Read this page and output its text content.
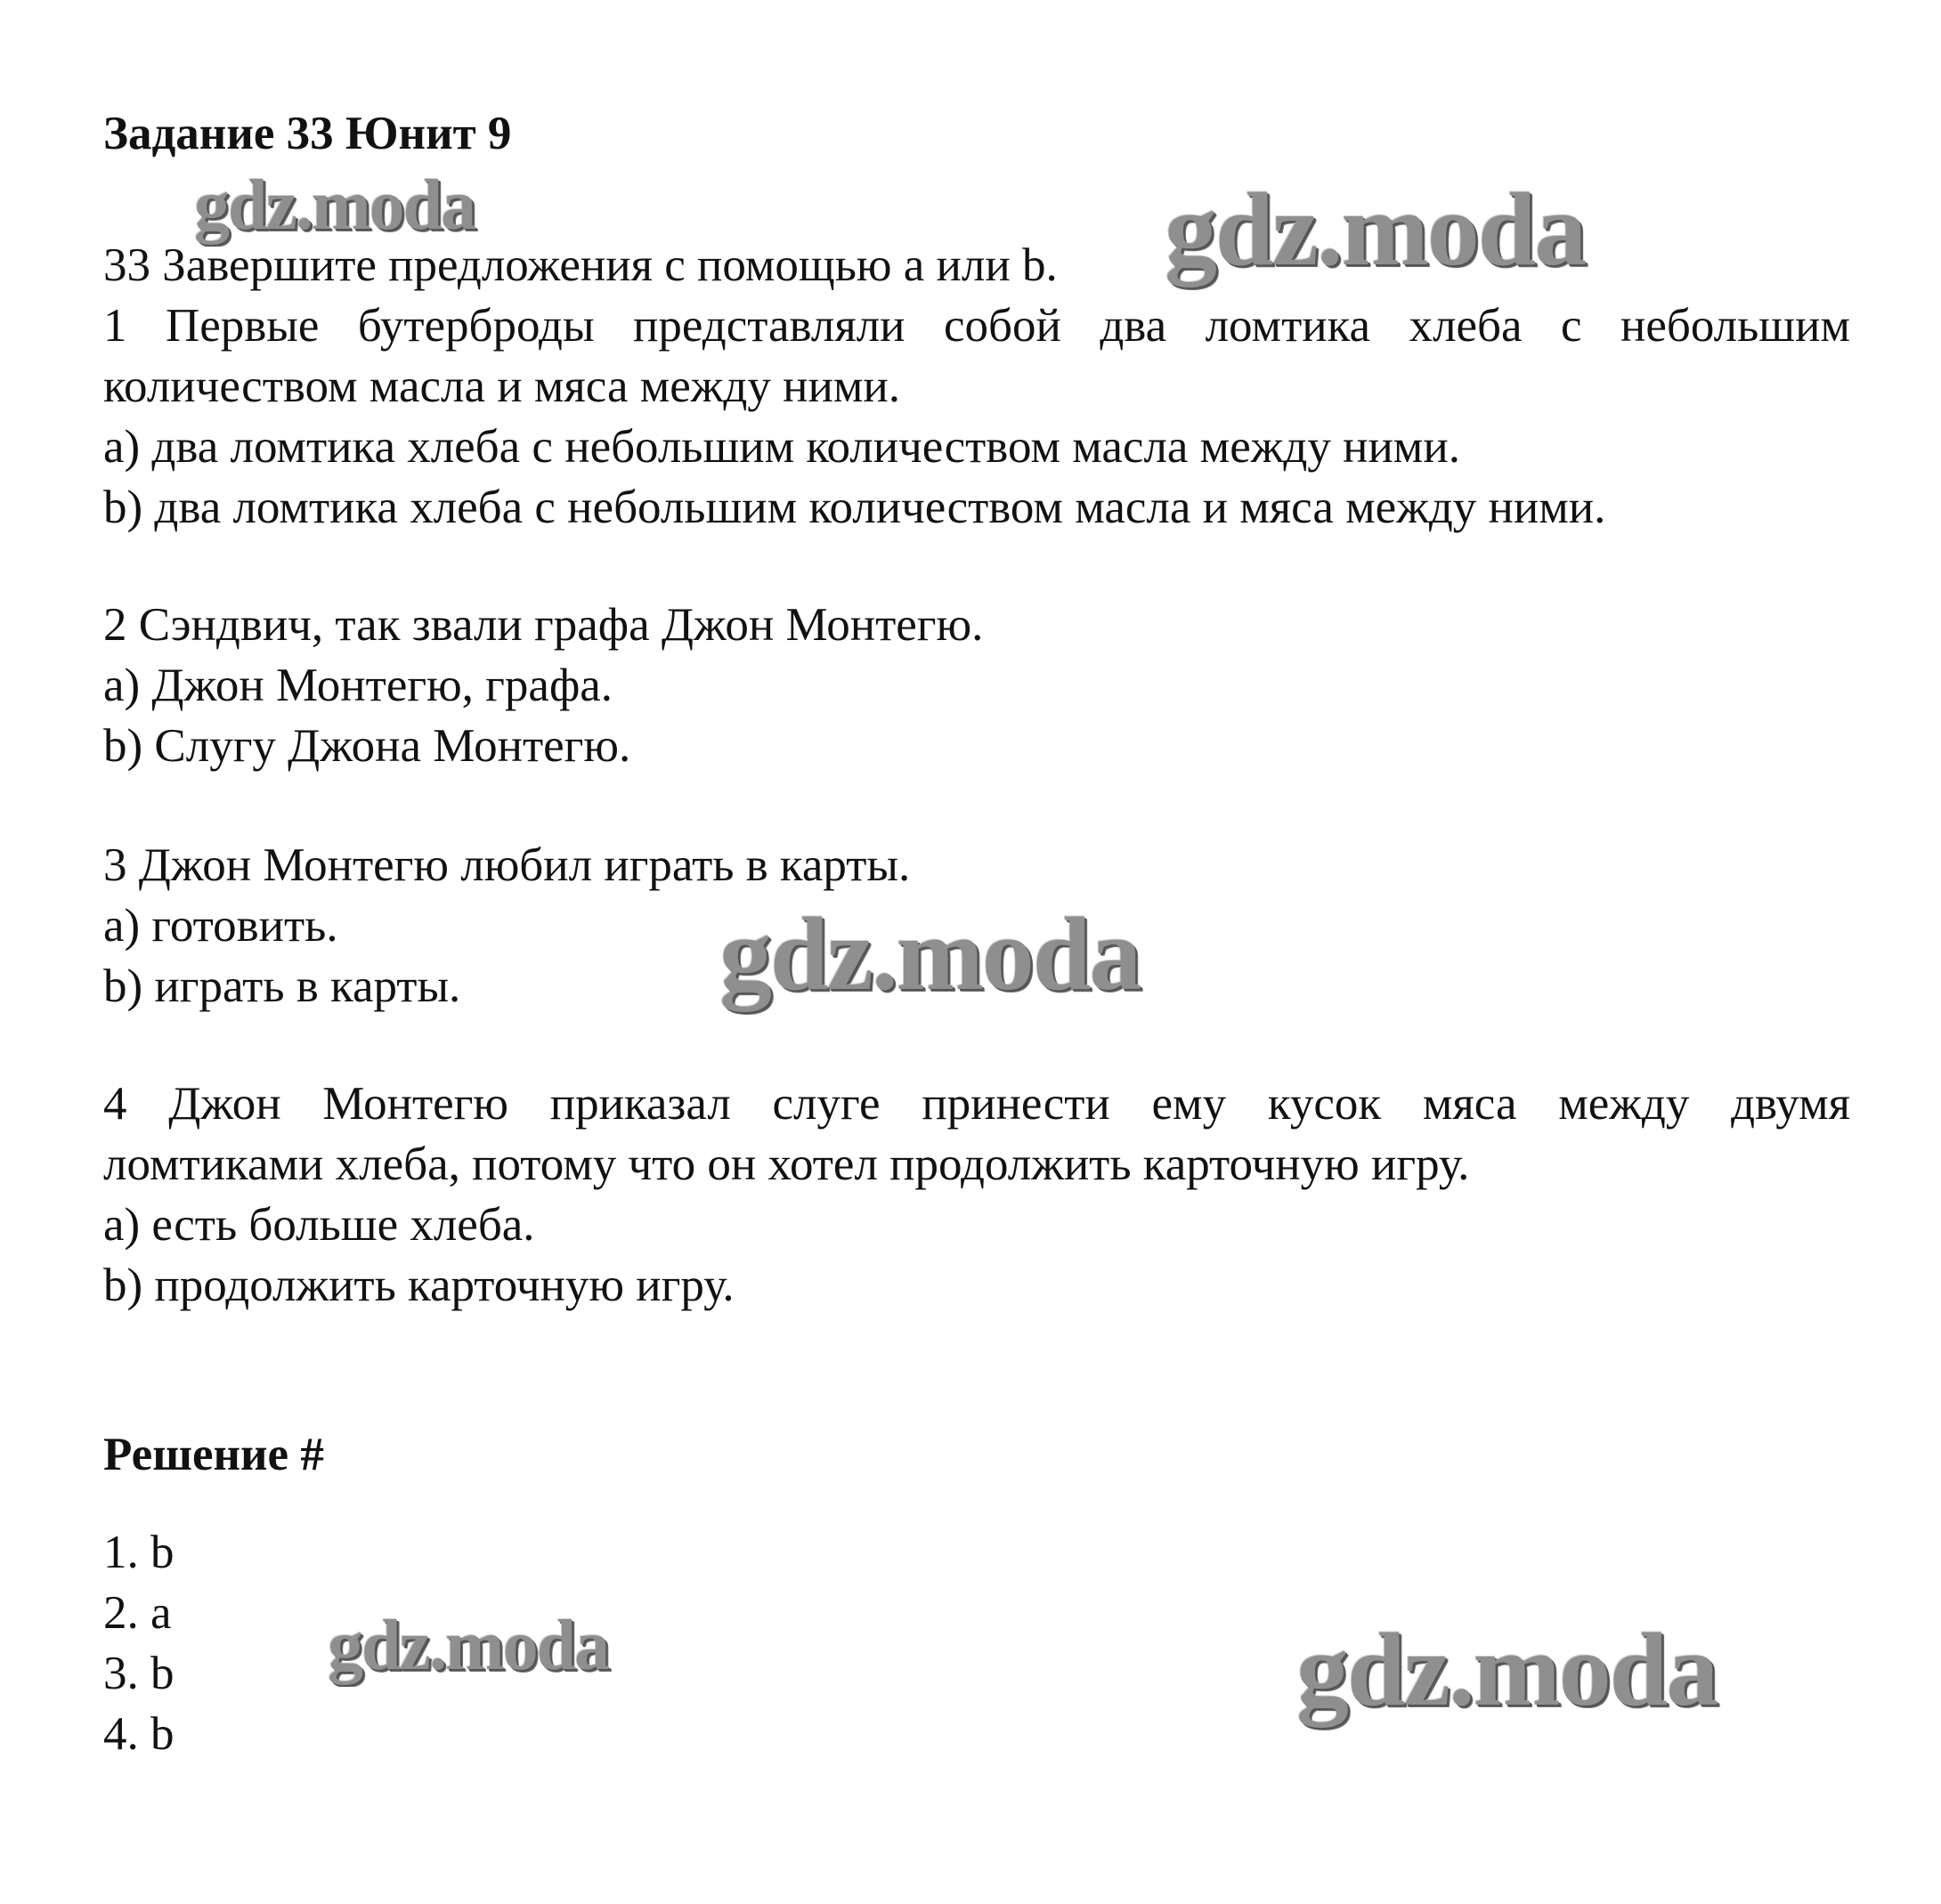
Задание 33 Юнит 9
33 Завершите предложения с помощью a или b.
1 Первые бутерброды представляли собой два ломтика хлеба с небольшим
количеством масла и мяса между ними.
a) два ломтика хлеба с небольшим количеством масла между ними.
b) два ломтика хлеба с небольшим количеством масла и мяса между ними.
2 Сэндвич, так звали графа Джон Монтегю.
a) Джон Монтегю, графа.
b) Слугу Джона Монтегю.
3 Джон Монтегю любил играть в карты.
a) готовить.
b) играть в карты.
4 Джон Монтегю приказал слуге принести ему кусок мяса между двумя
ломтиками хлеба, потому что он хотел продолжить карточную игру.
a) есть больше хлеба.
b) продолжить карточную игру.
Решение #
1. b
2. a
3. b
4. b
gdz.moda	gdz.moda
gdz.moda
gdz.moda	gdz.moda
